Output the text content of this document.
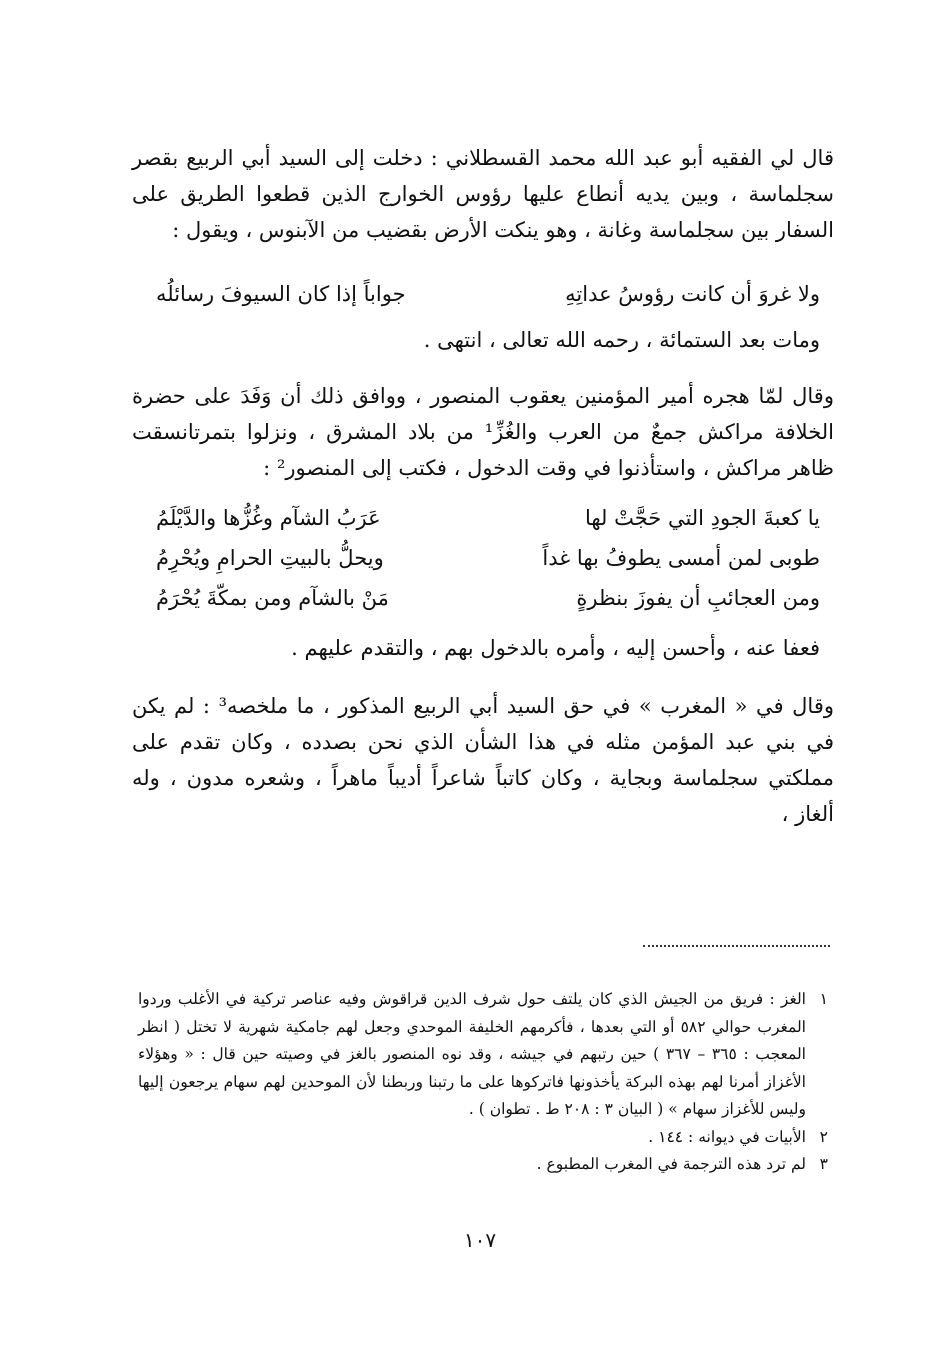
قال لي الفقيه أبو عبد الله محمد القسطلاني : دخلت إلى السيد أبي الربيع بقصر سجلماسة ، وبين يديه أنطاع عليها رؤوس الخوارج الذين قطعوا الطريق على السفار بين سجلماسة وغانة ، وهو ينكت الأرض بقضيب من الآبنوس ، ويقول :

ولا غروَ أن كانت رؤوسُ عداتِهِ
جواباً إذا كان السيوفَ رسائلُه
ومات بعد الستمائة ، رحمه الله تعالى ، انتهى .

وقال لمّا هجره أمير المؤمنين يعقوب المنصور ، ووافق ذلك أن وَفَدَ على حضرة الخلافة مراكش جمعٌ من العرب والغُزِّ¹ من بلاد المشرق ، ونزلوا بتمرتانسقت ظاهر مراكش ، واستأذنوا في وقت الدخول ، فكتب إلى المنصور² :

يا كعبةَ الجودِ التي حَجَّتْ لها
عَرَبُ الشآم وغُزُّها والدَّيْلَمُ
طوبى لمن أمسى يطوفُ بها غداً
ويحلُّ بالبيتِ الحرامِ ويُحْرِمُ
ومن العجائبِ أن يفوزَ بنظرةٍ
مَنْ بالشآم ومن بمكّةَ يُحْرَمُ
فعفا عنه ، وأحسن إليه ، وأمره بالدخول بهم ، والتقدم عليهم .

وقال في « المغرب » في حق السيد أبي الربيع المذكور ، ما ملخصه³ : لم يكن في بني عبد المؤمن مثله في هذا الشأن الذي نحن بصدده ، وكان تقدم على مملكتي سجلماسة وبجاية ، وكان كاتباً شاعراً أديباً ماهراً ، وشعره مدون ، وله ألغاز ،

١
الغز : فريق من الجيش الذي كان يلتف حول شرف الدين قراقوش وفيه عناصر تركية في الأغلب وردوا المغرب حوالي ٥٨٢ أو التي بعدها ، فأكرمهم الخليفة الموحدي وجعل لهم جامكية شهرية لا تختل ( انظر المعجب : ٣٦٥ – ٣٦٧ ) حين رتبهم في جيشه ، وقد نوه المنصور بالغز في وصيته حين قال : « وهؤلاء الأغزاز أمرنا لهم بهذه البركة يأخذونها فاتركوها على ما رتبنا وربطنا لأن الموحدين لهم سهام يرجعون إليها وليس للأغزاز سهام » ( البيان ٣ : ٢٠٨ ط . تطوان ) .
٢
الأبيات في ديوانه : ١٤٤ .
٣
لم ترد هذه الترجمة في المغرب المطبوع .
١٠٧
